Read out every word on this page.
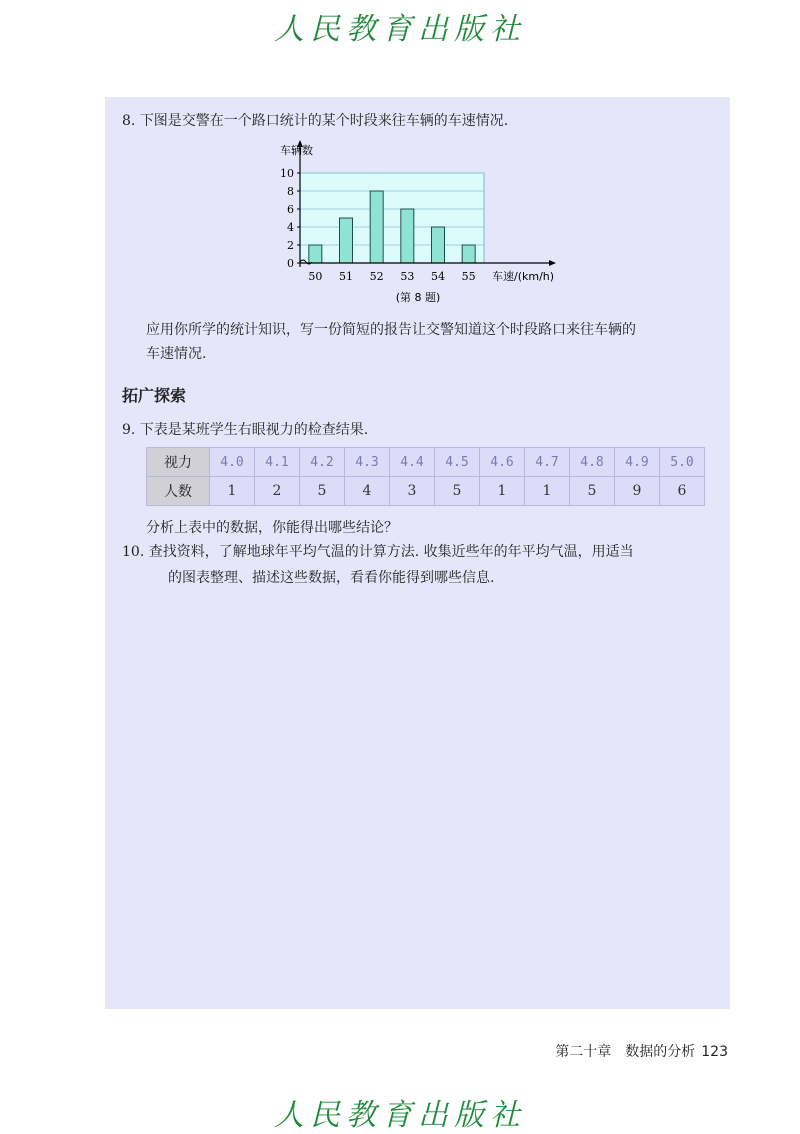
人民教育出版社
8. 下图是交警在一个路口统计的某个时段来往车辆的车速情况.
0
2
4
6
8
10
50 51 52 53 54 55
车辆数
车速/(km/h)
(第 8 题)
应用你所学的统计知识，写一份简短的报告让交警知道这个时段路口来往车辆的
车速情况.
拓广探索
9. 下表是某班学生右眼视力的检查结果.
视力	4.0	4.1	4.2	4.3	4.4	4.5	4.6	4.7	4.8	4.9	5.0
人数	1	2	5	4	3	5	1	1	5	9	6
分析上表中的数据，你能得出哪些结论？
10. 查找资料，了解地球年平均气温的计算方法. 收集近些年的年平均气温，用适当
的图表整理、描述这些数据，看看你能得到哪些信息.
第二十章　数据的分析 123
人民教育出版社
